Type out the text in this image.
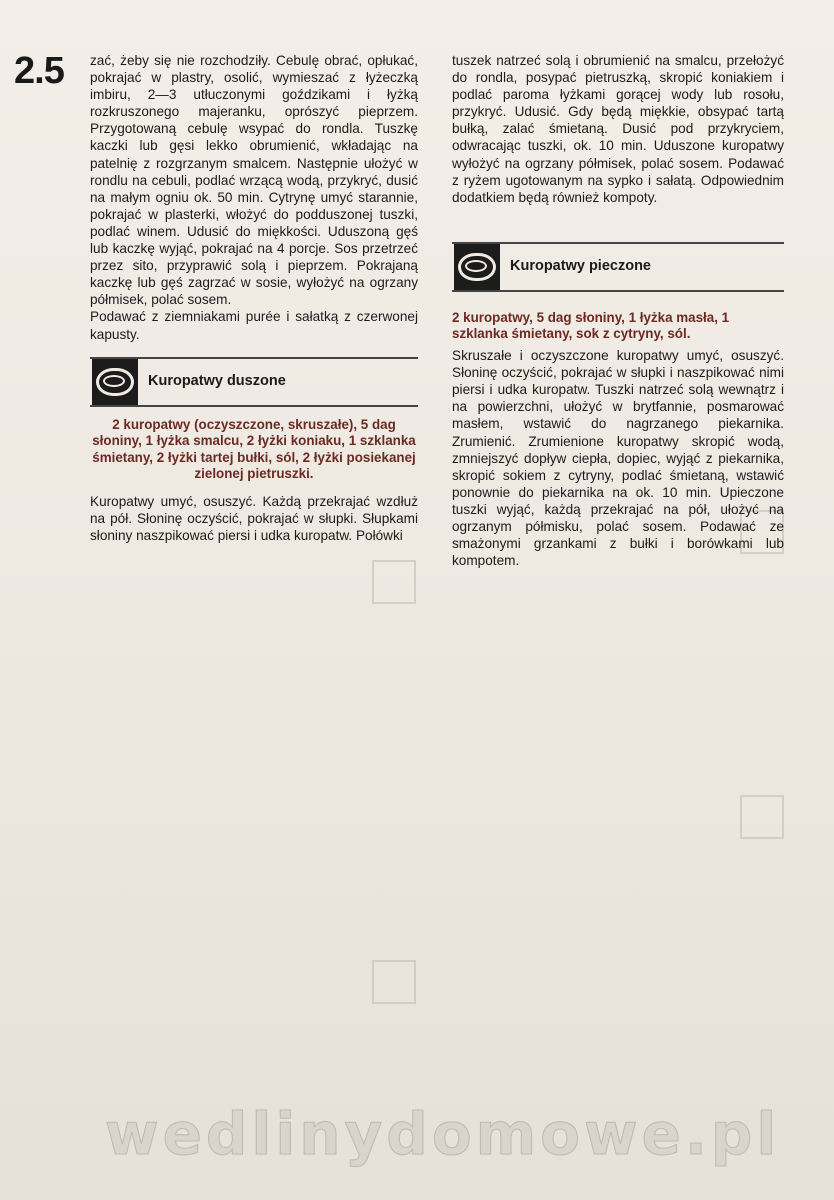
2.5 zać, żeby się nie rozchodziły. Cebulę obrać, opłukać, pokrajać w plastry, osolić, wymieszać z łyżeczką imbiru, 2—3 utłuczonymi goździkami i łyżką rozkruszonego majeranku, oprószyć pieprzem. Przygotowaną cebulę wsypać do rondla. Tuszkę kaczki lub gęsi lekko obrumienić, wkładając na patelnię z rozgrzanym smalcem. Następnie ułożyć w rondlu na cebuli, podlać wrzącą wodą, przykryć, dusić na małym ogniu ok. 50 min. Cytrynę umyć starannie, pokrajać w plasterki, włożyć do podduszonej tuszki, podlać winem. Udusić do miękkości. Uduszoną gęś lub kaczkę wyjąć, pokrajać na 4 porcje. Sos przetrzeć przez sito, przyprawić solą i pieprzem. Pokrajaną kaczkę lub gęś zagrzać w sosie, wyłożyć na ogrzany półmisek, polać sosem.

Podawać z ziemniakami purée i sałatką z czerwonej kapusty.

Kuropatwy duszone

2 kuropatwy (oczyszczone, skruszałe), 5 dag słoniny, 1 łyżka smalcu, 2 łyżki koniaku, 1 szklanka śmietany, 2 łyżki tartej bułki, sól, 2 łyżki posiekanej zielonej pietruszki.

Kuropatwy umyć, osuszyć. Każdą przekrajać wzdłuż na pół. Słoninę oczyścić, pokrajać w słupki. Słupkami słoniny naszpikować piersi i udka kuropatw. Połówki

tuszek natrzeć solą i obrumienić na smalcu, przełożyć do rondla, posypać pietruszką, skropić koniakiem i podlać paroma łyżkami gorącej wody lub rosołu, przykryć. Udusić. Gdy będą miękkie, obsypać tartą bułką, zalać śmietaną. Dusić pod przykryciem, odwracając tuszki, ok. 10 min. Uduszone kuropatwy wyłożyć na ogrzany półmisek, polać sosem. Podawać z ryżem ugotowanym na sypko i sałatą. Odpowiednim dodatkiem będą również kompoty.

Kuropatwy pieczone

2 kuropatwy, 5 dag słoniny, 1 łyżka masła, 1 szklanka śmietany, sok z cytryny, sól.

Skruszałe i oczyszczone kuropatwy umyć, osuszyć. Słoninę oczyścić, pokrajać w słupki i naszpikować nimi piersi i udka kuropatw. Tuszki natrzeć solą wewnątrz i na powierzchni, ułożyć w brytfannie, posmarować masłem, wstawić do nagrzanego piekarnika. Zrumienić. Zrumienione kuropatwy skropić wodą, zmniejszyć dopływ ciepła, dopiec, wyjąć z piekarnika, skropić sokiem z cytryny, podlać śmietaną, wstawić ponownie do piekarnika na ok. 10 min. Upieczone tuszki wyjąć, każdą przekrajać na pół, ułożyć na ogrzanym półmisku, polać sosem. Podawać ze smażonymi grzankami z bułki i borówkami lub kompotem.

wedlinydomowe.pl
